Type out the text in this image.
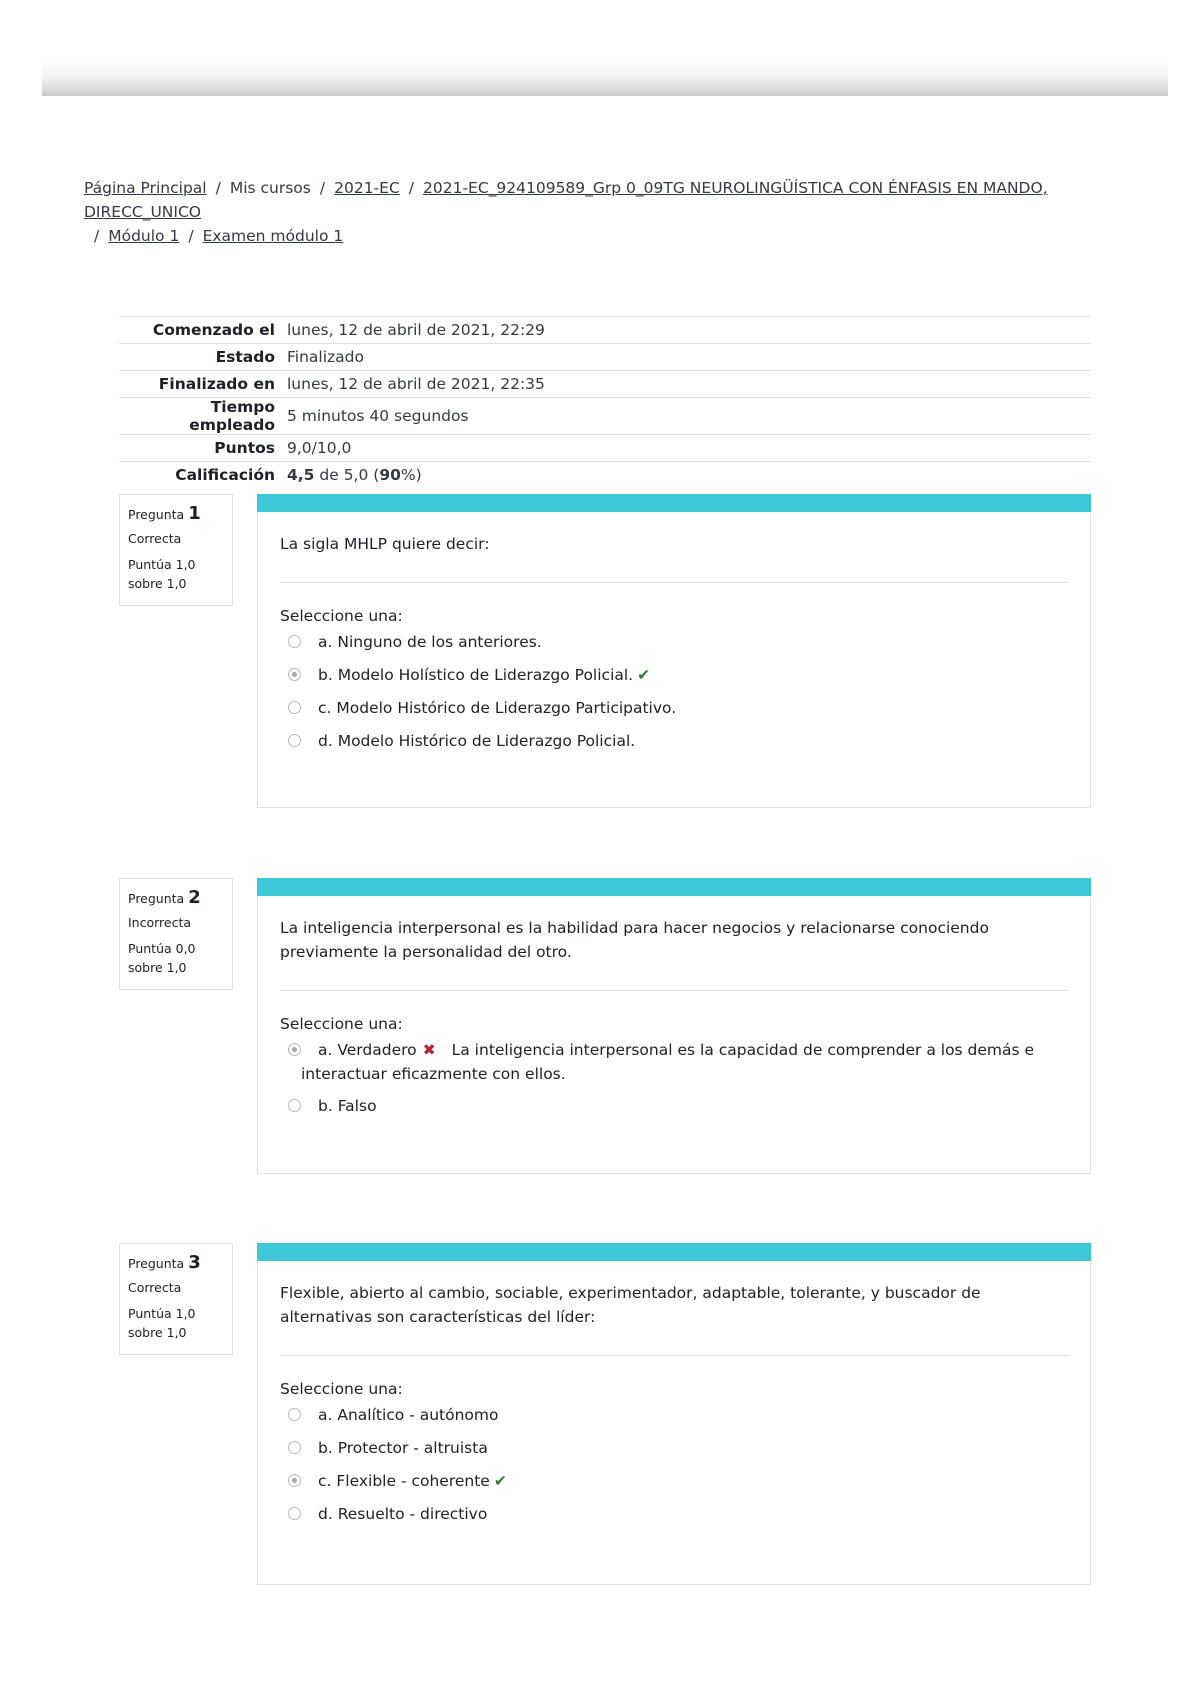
Página Principal / Mis cursos / 2021-EC / 2021-EC_924109589_Grp 0_09TG NEUROLINGÜÍSTICA CON ÉNFASIS EN MANDO, DIRECC_UNICO
/ Módulo 1 / Examen módulo 1
Comenzado el	lunes, 12 de abril de 2021, 22:29
Estado	Finalizado
Finalizado en	lunes, 12 de abril de 2021, 22:35
Tiempo empleado	5 minutos 40 segundos
Puntos	9,0/10,0
Calificación	4,5 de 5,0 (90%)
Pregunta 1
Correcta
Puntúa 1,0
sobre 1,0
La sigla MHLP quiere decir:
Seleccione una:
a. Ninguno de los anteriores.
b. Modelo Holístico de Liderazgo Policial. ✔
c. Modelo Histórico de Liderazgo Participativo.
d. Modelo Histórico de Liderazgo Policial.
Pregunta 2
Incorrecta
Puntúa 0,0
sobre 1,0
La inteligencia interpersonal es la habilidad para hacer negocios y relacionarse conociendo previamente la personalidad del otro.
Seleccione una:
a. Verdadero ✖ La inteligencia interpersonal es la capacidad de comprender a los demás e
interactuar eficazmente con ellos.
b. Falso
Pregunta 3
Correcta
Puntúa 1,0
sobre 1,0
Flexible, abierto al cambio, sociable, experimentador, adaptable, tolerante, y buscador de alternativas son características del líder:
Seleccione una:
a. Analítico - autónomo
b. Protector - altruista
c. Flexible - coherente ✔
d. Resuelto - directivo
